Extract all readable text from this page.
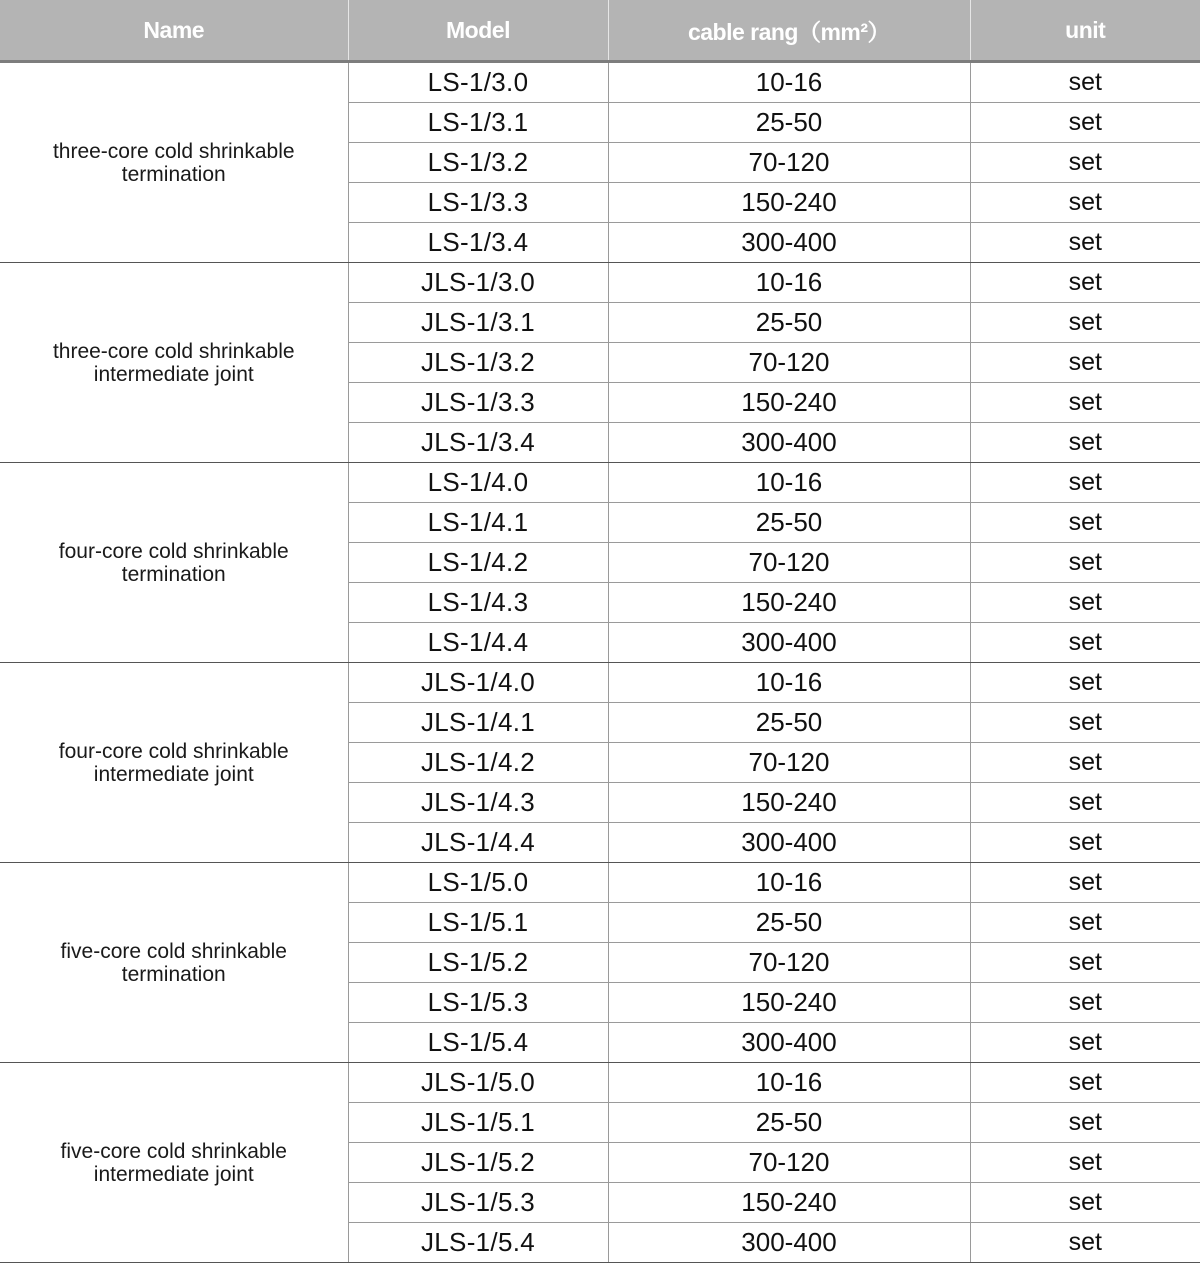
Name	Model	cable rang（mm²）	unit
three-core cold shrinkable termination	LS-1/3.0	10-16	set
	LS-1/3.1	25-50	set
	LS-1/3.2	70-120	set
	LS-1/3.3	150-240	set
	LS-1/3.4	300-400	set
three-core cold shrinkable intermediate joint	JLS-1/3.0	10-16	set
	JLS-1/3.1	25-50	set
	JLS-1/3.2	70-120	set
	JLS-1/3.3	150-240	set
	JLS-1/3.4	300-400	set
four-core cold shrinkable termination	LS-1/4.0	10-16	set
	LS-1/4.1	25-50	set
	LS-1/4.2	70-120	set
	LS-1/4.3	150-240	set
	LS-1/4.4	300-400	set
four-core cold shrinkable intermediate joint	JLS-1/4.0	10-16	set
	JLS-1/4.1	25-50	set
	JLS-1/4.2	70-120	set
	JLS-1/4.3	150-240	set
	JLS-1/4.4	300-400	set
five-core cold shrinkable termination	LS-1/5.0	10-16	set
	LS-1/5.1	25-50	set
	LS-1/5.2	70-120	set
	LS-1/5.3	150-240	set
	LS-1/5.4	300-400	set
five-core cold shrinkable intermediate joint	JLS-1/5.0	10-16	set
	JLS-1/5.1	25-50	set
	JLS-1/5.2	70-120	set
	JLS-1/5.3	150-240	set
	JLS-1/5.4	300-400	set
